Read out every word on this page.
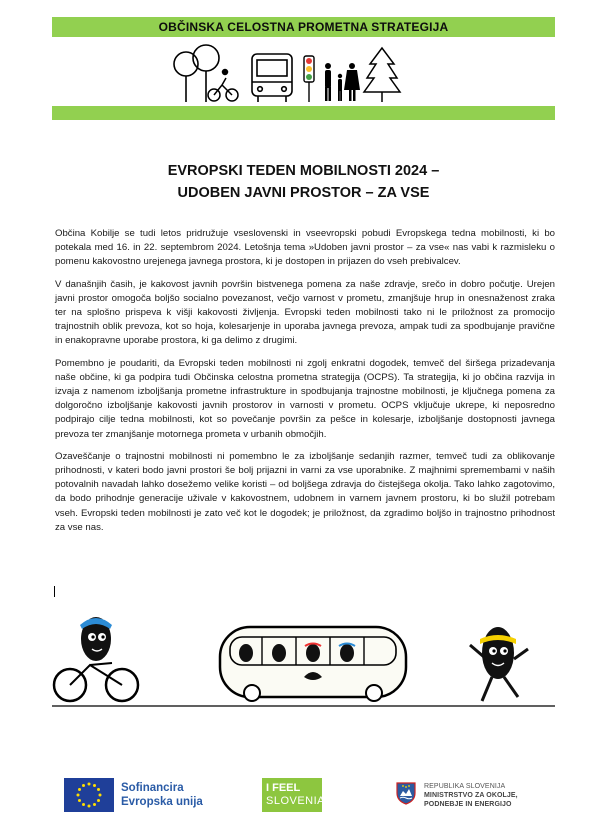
OBČINSKA CELOSTNA PROMETNA STRATEGIJA
EVROPSKI TEDEN MOBILNOSTI 2024 –
UDOBEN JAVNI PROSTOR – ZA VSE

Občina Kobilje se tudi letos pridružuje vseslovenski in vseevropski pobudi Evropskega tedna mobilnosti, ki bo potekala med 16. in 22. septembrom 2024. Letošnja tema »Udoben javni prostor – za vse« nas vabi k razmisleku o pomenu kakovostno urejenega javnega prostora, ki je dostopen in prijazen do vseh prebivalcev.

V današnjih časih, je kakovost javnih površin bistvenega pomena za naše zdravje, srečo in dobro počutje. Urejen javni prostor omogoča boljšo socialno povezanost, večjo varnost v prometu, zmanjšuje hrup in onesnaženost zraka ter na splošno prispeva k višji kakovosti življenja. Evropski teden mobilnosti tako ni le priložnost za promocijo trajnostnih oblik prevoza, kot so hoja, kolesarjenje in uporaba javnega prevoza, ampak tudi za spodbujanje pravične in enakopravne uporabe prostora, ki ga delimo z drugimi.

Pomembno je poudariti, da Evropski teden mobilnosti ni zgolj enkratni dogodek, temveč del širšega prizadevanja naše občine, ki ga podpira tudi Občinska celostna prometna strategija (OCPS). Ta strategija, ki jo občina razvija in izvaja z namenom izboljšanja prometne infrastrukture in spodbujanja trajnostne mobilnosti, je ključnega pomena za dolgoročno izboljšanje kakovosti javnih prostorov in varnosti v prometu. OCPS vključuje ukrepe, ki neposredno podpirajo cilje tedna mobilnosti, kot so povečanje površin za pešce in kolesarje, izboljšanje dostopnosti javnega prevoza ter zmanjšanje motornega prometa v urbanih območjih.

Ozaveščanje o trajnostni mobilnosti ni pomembno le za izboljšanje sedanjih razmer, temveč tudi za oblikovanje prihodnosti, v kateri bodo javni prostori še bolj prijazni in varni za vse uporabnike. Z majhnimi spremembami v naših potovalnih navadah lahko dosežemo velike koristi – od boljšega zdravja do čistejšega okolja. Tako lahko zagotovimo, da bodo prihodnje generacije uživale v kakovostnem, udobnem in varnem javnem prostoru, ki bo služil potrebam vseh. Evropski teden mobilnosti je zato več kot le dogodek; je priložnost, da zgradimo boljšo in trajnostno prihodnost za vse nas.

Sofinancira
Evropska unija
I FEEL
SLOVENIA
REPUBLIKA SLOVENIJA
MINISTRSTVO ZA OKOLJE,
PODNEBJE IN ENERGIJO
